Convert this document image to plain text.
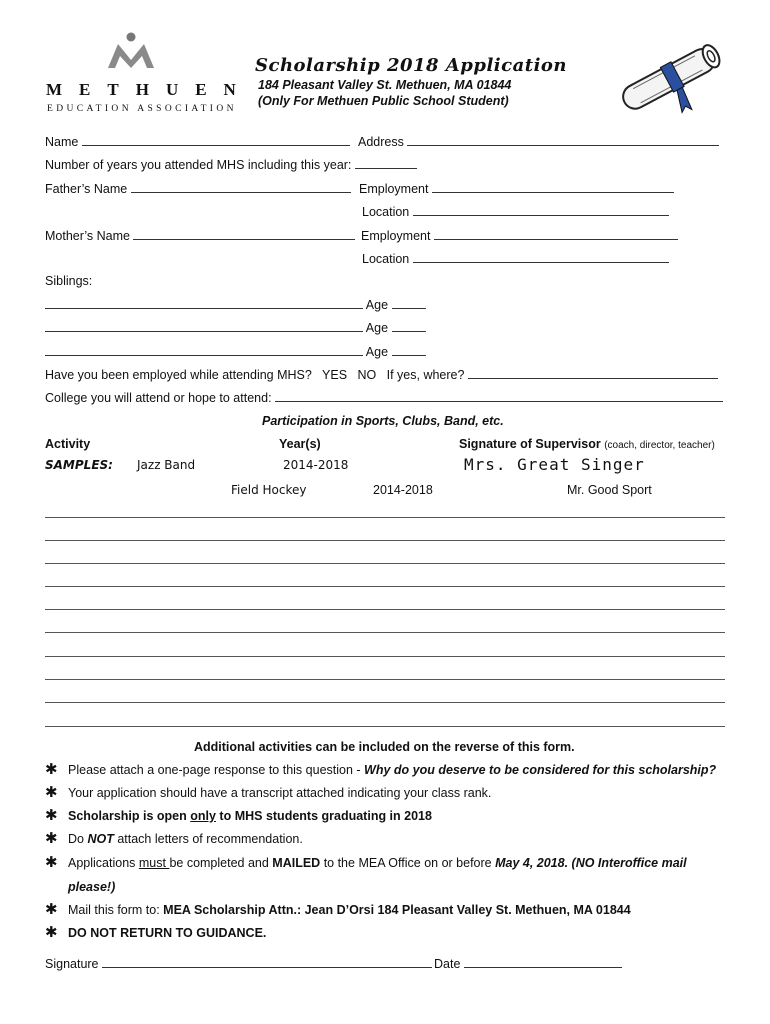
METHUEN
EDUCATION ASSOCIATION
Scholarship 2018 Application
184 Pleasant Valley St. Methuen, MA 01844
(Only For Methuen Public School Student)
Name	Address
Number of years you attended MHS including this year:
Father’s Name	Employment
Location
Mother’s Name	Employment
Location
Siblings:
Age
Age
Age
Have you been employed while attending MHS? YES NO If yes, where?
College you will attend or hope to attend:
Participation in Sports, Clubs, Band, etc.
Activity	Year(s)	Signature of Supervisor (coach, director, teacher)
SAMPLES: Jazz Band	2014-2018	Mrs. Great Singer
Field Hockey	2014-2018	Mr. Good Sport
Additional activities can be included on the reverse of this form.
✱ Please attach a one-page response to this question - Why do you deserve to be considered for this scholarship?
✱ Your application should have a transcript attached indicating your class rank.
✱ Scholarship is open only to MHS students graduating in 2018
✱ Do NOT attach letters of recommendation.
✱ Applications must be completed and MAILED to the MEA Office on or before May 4, 2018. (NO Interoffice mail
please!)
✱ Mail this form to: MEA Scholarship Attn.: Jean D’Orsi 184 Pleasant Valley St. Methuen, MA 01844
✱ DO NOT RETURN TO GUIDANCE.
Signature	Date
